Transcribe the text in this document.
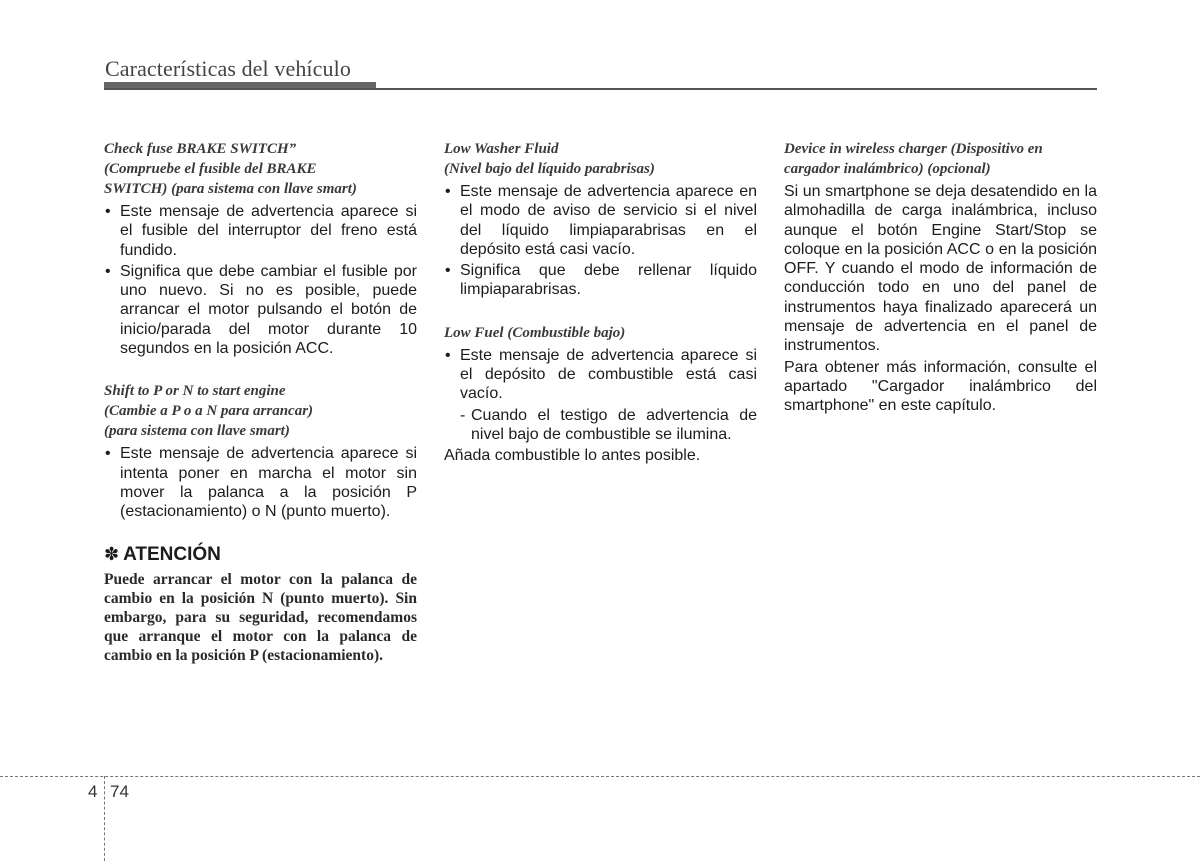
Características del vehículo
Check fuse BRAKE SWITCH”
(Compruebe el fusible del BRAKE
SWITCH) (para sistema con llave smart)
• Este mensaje de advertencia aparece si el fusible del interruptor del freno está fundido.
• Significa que debe cambiar el fusible por uno nuevo. Si no es posible, puede arrancar el motor pulsando el botón de inicio/parada del motor durante 10 segundos en la posición ACC.
Shift to P or N to start engine
(Cambie a P o a N para arrancar)
(para sistema con llave smart)
• Este mensaje de advertencia aparece si intenta poner en marcha el motor sin mover la palanca a la posición P (estacionamiento) o N (punto muerto).
✽ ATENCIÓN

Puede arrancar el motor con la palanca de cambio en la posición N (punto muerto). Sin embargo, para su seguridad, recomendamos que arranque el motor con la palanca de cambio en la posición P (estacionamiento).

Low Washer Fluid
(Nivel bajo del líquido parabrisas)
• Este mensaje de advertencia aparece en el modo de aviso de servicio si el nivel del líquido limpiaparabrisas en el depósito está casi vacío.
• Significa que debe rellenar líquido limpiaparabrisas.
Low Fuel (Combustible bajo)
• Este mensaje de advertencia aparece si el depósito de combustible está casi vacío.
- Cuando el testigo de advertencia de nivel bajo de combustible se ilumina.

Añada combustible lo antes posible.

Device in wireless charger (Dispositivo en
cargador inalámbrico) (opcional)

Si un smartphone se deja desatendido en la almohadilla de carga inalámbrica, incluso aunque el botón Engine Start/Stop se coloque en la posición ACC o en la posición OFF. Y cuando el modo de información de conducción todo en uno del panel de instrumentos haya finalizado aparecerá un mensaje de advertencia en el panel de instrumentos.

Para obtener más información, consulte el apartado "Cargador inalámbrico del smartphone" en este capítulo.

4 74
